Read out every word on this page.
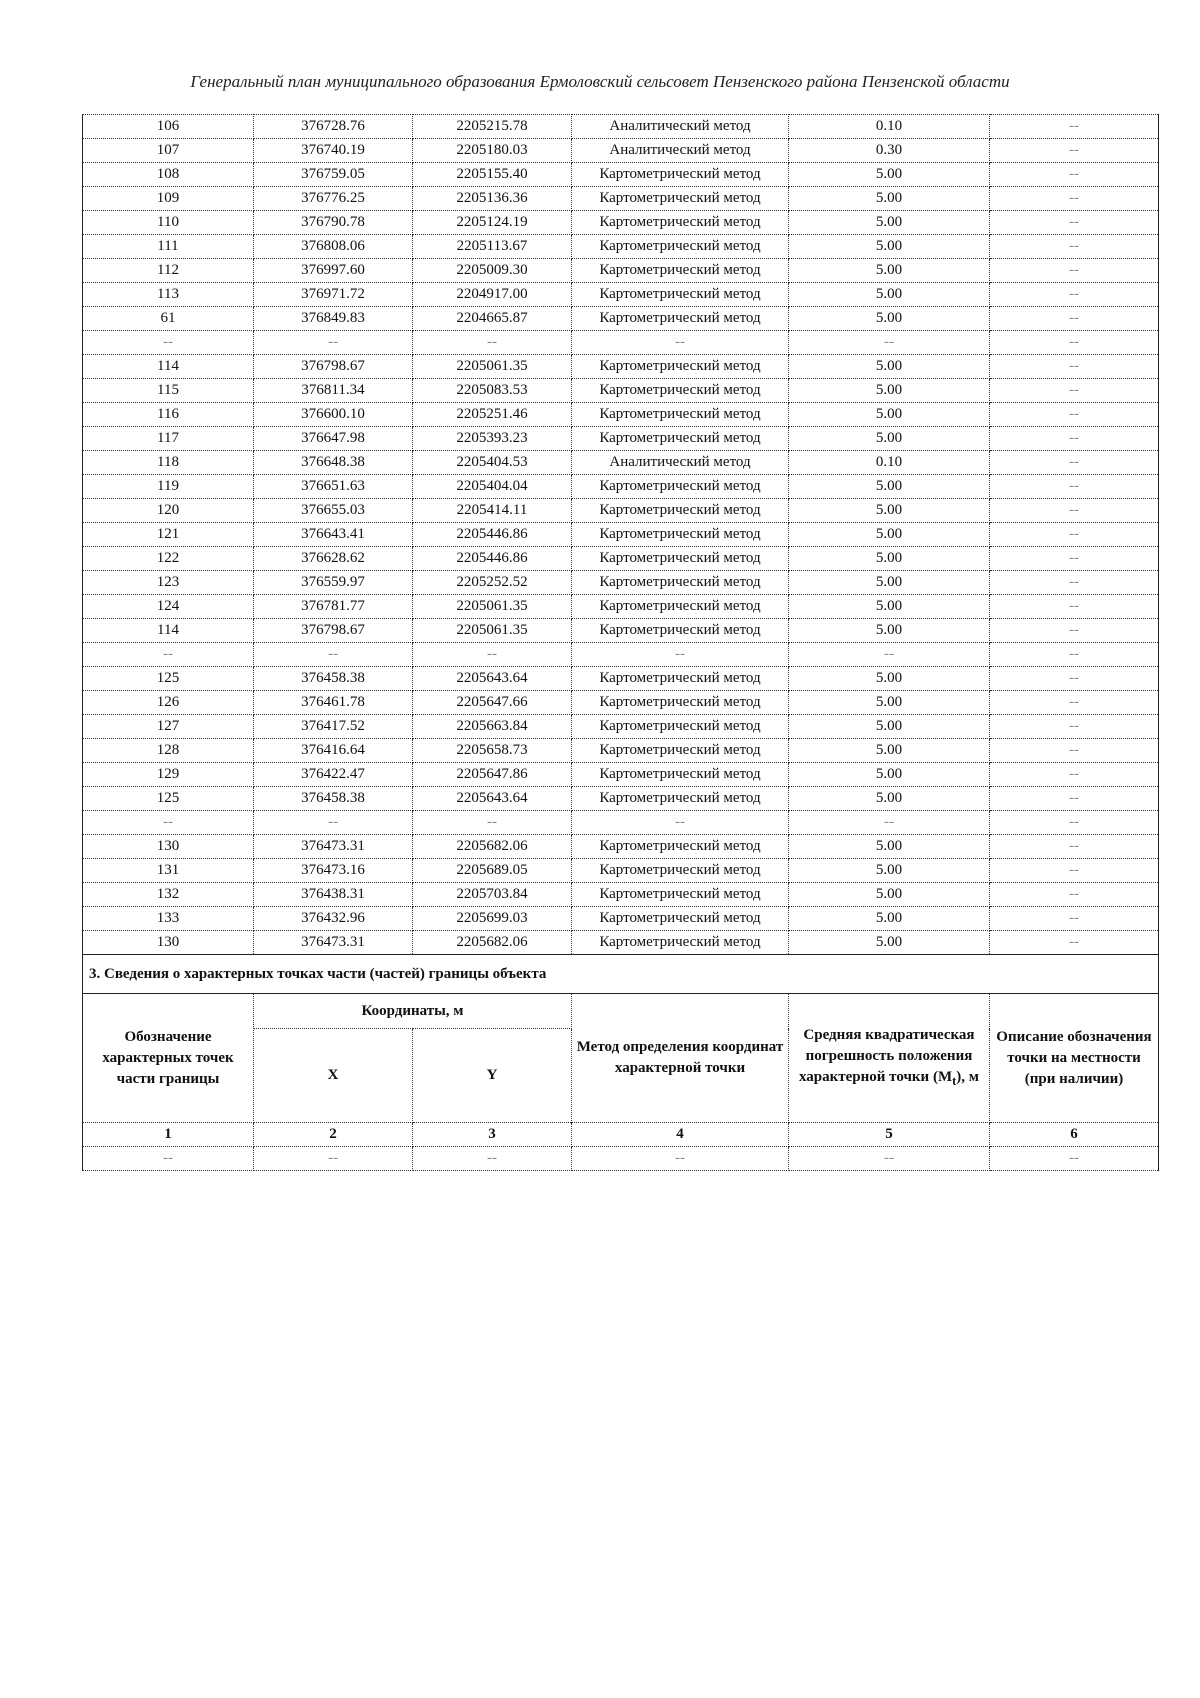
Генеральный план муниципального образования Ермоловский сельсовет Пензенского района Пензенской области
106	376728.76	2205215.78	Аналитический метод	0.10	--
107	376740.19	2205180.03	Аналитический метод	0.30	--
108	376759.05	2205155.40	Картометрический метод	5.00	--
109	376776.25	2205136.36	Картометрический метод	5.00	--
110	376790.78	2205124.19	Картометрический метод	5.00	--
111	376808.06	2205113.67	Картометрический метод	5.00	--
112	376997.60	2205009.30	Картометрический метод	5.00	--
113	376971.72	2204917.00	Картометрический метод	5.00	--
61	376849.83	2204665.87	Картометрический метод	5.00	--
--	--	--	--	--	--
114	376798.67	2205061.35	Картометрический метод	5.00	--
115	376811.34	2205083.53	Картометрический метод	5.00	--
116	376600.10	2205251.46	Картометрический метод	5.00	--
117	376647.98	2205393.23	Картометрический метод	5.00	--
118	376648.38	2205404.53	Аналитический метод	0.10	--
119	376651.63	2205404.04	Картометрический метод	5.00	--
120	376655.03	2205414.11	Картометрический метод	5.00	--
121	376643.41	2205446.86	Картометрический метод	5.00	--
122	376628.62	2205446.86	Картометрический метод	5.00	--
123	376559.97	2205252.52	Картометрический метод	5.00	--
124	376781.77	2205061.35	Картометрический метод	5.00	--
114	376798.67	2205061.35	Картометрический метод	5.00	--
--	--	--	--	--	--
125	376458.38	2205643.64	Картометрический метод	5.00	--
126	376461.78	2205647.66	Картометрический метод	5.00	--
127	376417.52	2205663.84	Картометрический метод	5.00	--
128	376416.64	2205658.73	Картометрический метод	5.00	--
129	376422.47	2205647.86	Картометрический метод	5.00	--
125	376458.38	2205643.64	Картометрический метод	5.00	--
--	--	--	--	--	--
130	376473.31	2205682.06	Картометрический метод	5.00	--
131	376473.16	2205689.05	Картометрический метод	5.00	--
132	376438.31	2205703.84	Картометрический метод	5.00	--
133	376432.96	2205699.03	Картометрический метод	5.00	--
130	376473.31	2205682.06	Картометрический метод	5.00	--
3. Сведения о характерных точках части (частей) границы объекта					
Обозначение характерных точек части границы	Координаты, м		Метод определения координат характерной точки	Средняя квадратическая погрешность положения характерной точки $(M_t)$, м	Описание обозначения точки на местности (при наличии)
	X	Y			
1	2	3	4	5	6
--	--	--	--	--	--
